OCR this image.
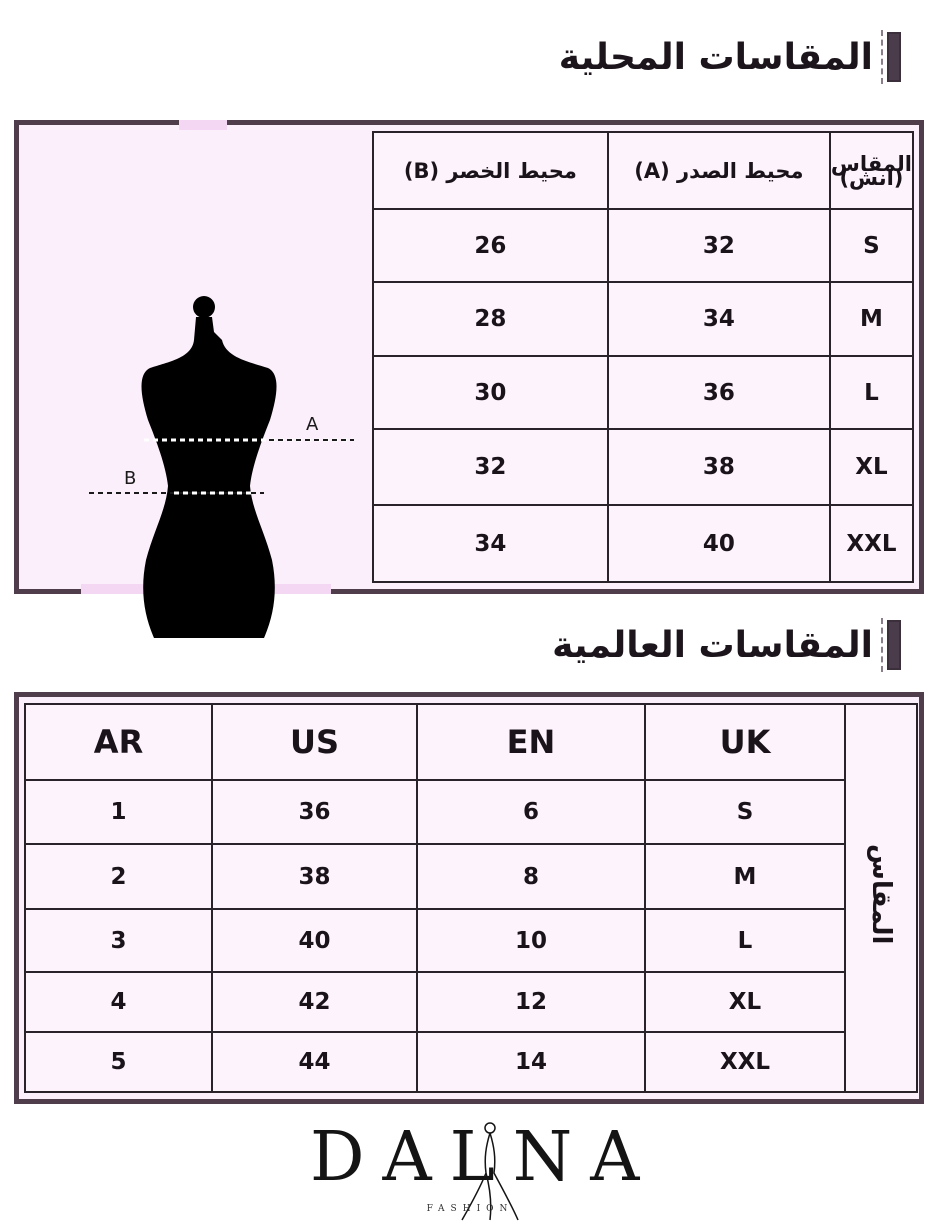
المقاسات المحلية
A
B
محيط الخصر (B)	محيط الصدر (A)	المقاس (انش)
26	32	S
28	34	M
30	36	L
32	38	XL
34	40	XXL
المقاسات العالمية
AR	US	EN	UK	المقاس
1	36	6	S	
2	38	8	M	
3	40	10	L	
4	42	12	XL	
5	44	14	XXL	
DALNA
FASHION
